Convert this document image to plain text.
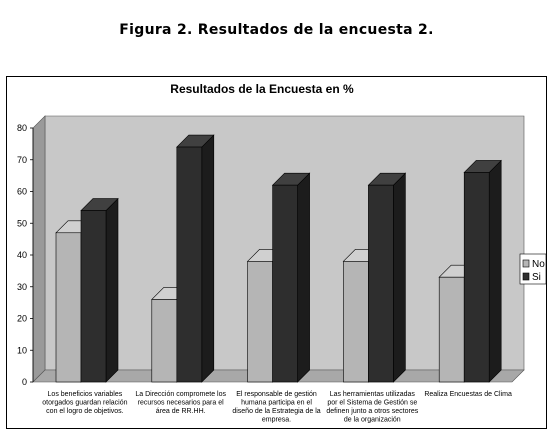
Figura 2. Resultados de la encuesta 2.
Resultados de la Encuesta en %
0
10
20
30
40
50
60
70
80
Los beneficios variables otorgados guardan relación con el logro de objetivos.
La Dirección compromete los recursos necesarios para el área de RR.HH.
El responsable de gestión humana participa en el diseño de la Estrategia de la empresa.
Las herramientas utilizadas por el Sistema de Gestión se definen junto a otros sectores de la organización
Realiza Encuestas de Clima
No
Si
